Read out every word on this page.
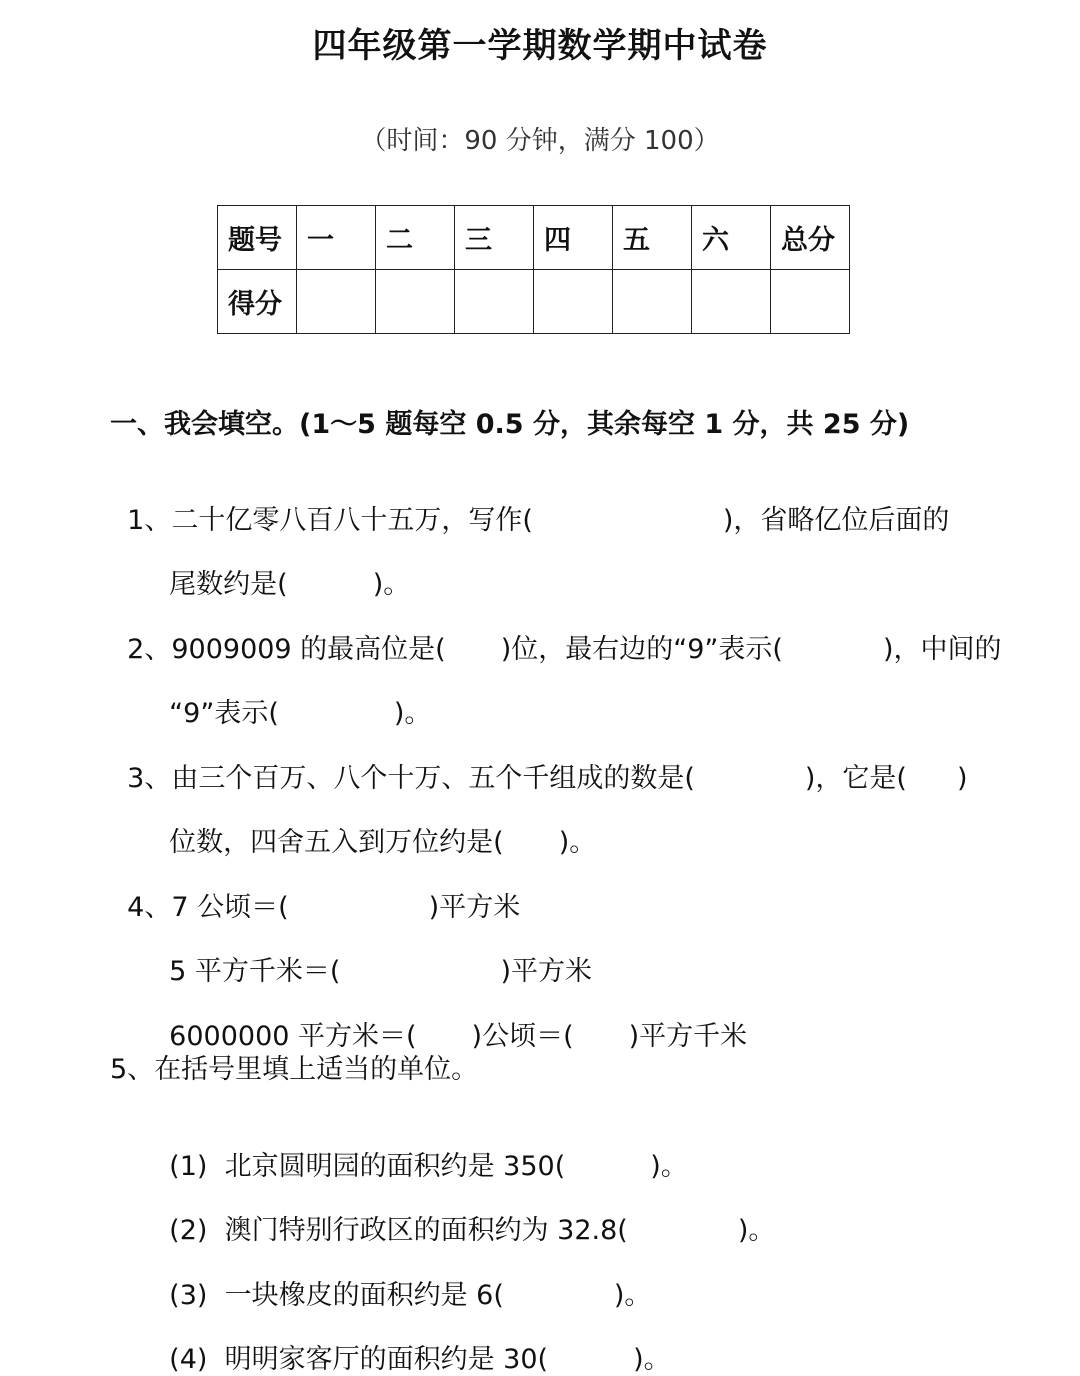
四年级第一学期数学期中试卷
（时间：90 分钟，满分 100）
题号	一	二	三	四	五	六	总分
得分							
一、我会填空。(1～5 题每空 0.5 分，其余每空 1 分，共 25 分)

1、二十亿零八百八十五万，写作(	)，省略亿位后面的

尾数约是(	)。

2、9009009 的最高位是( )位，最右边的“9”表示(	)，中间的

“9”表示(	)。

3、由三个百万、八个十万、五个千组成的数是(	)，它是( )

位数，四舍五入到万位约是( )。

4、7 公顷＝(	)平方米

5 平方千米＝(	)平方米

6000000 平方米＝( )公顷＝( )平方千米

5、在括号里填上适当的单位。

(1)  北京圆明园的面积约是 350(	)。

(2)  澳门特别行政区的面积约为 32.8(	)。

(3)  一块橡皮的面积约是 6(	)。

(4)  明明家客厅的面积约是 30(	)。
